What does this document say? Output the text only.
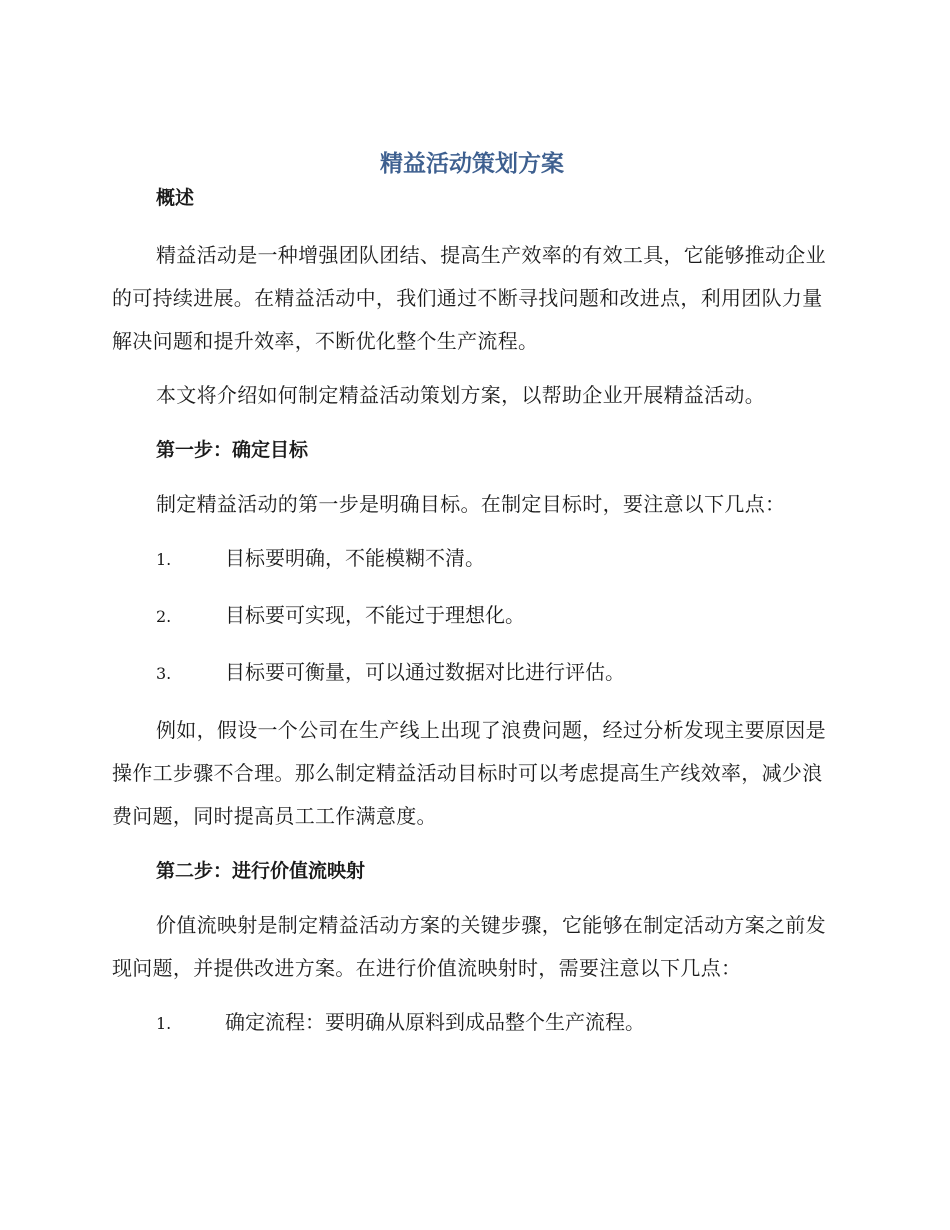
精益活动策划方案

概述

精益活动是一种增强团队团结、提高生产效率的有效工具，它能够推动企业的可持续进展。在精益活动中，我们通过不断寻找问题和改进点，利用团队力量解决问题和提升效率，不断优化整个生产流程。

本文将介绍如何制定精益活动策划方案，以帮助企业开展精益活动。

第一步：确定目标

制定精益活动的第一步是明确目标。在制定目标时，要注意以下几点：

1.	目标要明确，不能模糊不清。
2.	目标要可实现，不能过于理想化。
3.	目标要可衡量，可以通过数据对比进行评估。

例如，假设一个公司在生产线上出现了浪费问题，经过分析发现主要原因是操作工步骤不合理。那么制定精益活动目标时可以考虑提高生产线效率，减少浪费问题，同时提高员工工作满意度。

第二步：进行价值流映射

价值流映射是制定精益活动方案的关键步骤，它能够在制定活动方案之前发现问题，并提供改进方案。在进行价值流映射时，需要注意以下几点：

1.	确定流程：要明确从原料到成品整个生产流程。
